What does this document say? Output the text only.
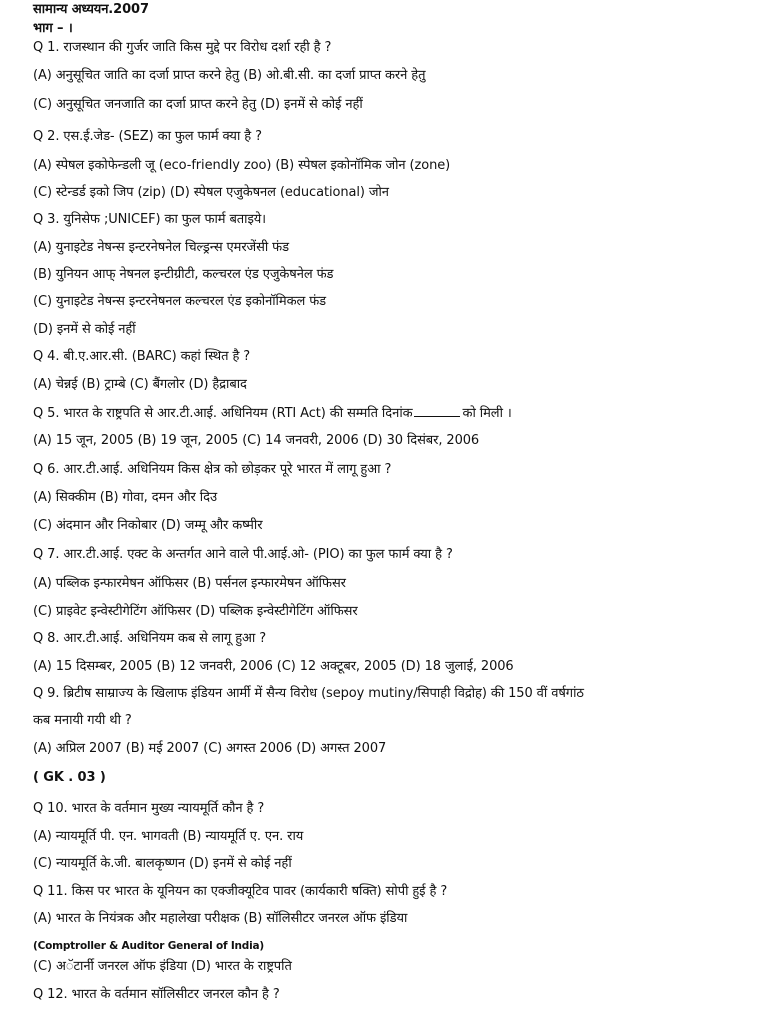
सामान्य अध्ययन.2007
भाग – ।
Q 1. राजस्थान की गुर्जर जाति किस मुद्दे पर विरोध दर्शा रही है ?
(A) अनुसूचित जाति का दर्जा प्राप्त करने हेतु (B) ओ.बी.सी. का दर्जा प्राप्त करने हेतु
(C) अनुसूचित जनजाति का दर्जा प्राप्त करने हेतु (D) इनमें से कोई नहीं
Q 2. एस.ई.जेड- (SEZ) का फुल फार्म क्या है ?
(A) स्पेषल इकोफेन्डली जू (eco-friendly zoo) (B) स्पेषल इकोनॉमिक जोन (zone)
(C) स्टेन्डर्ड इको जिप (zip) (D) स्पेषल एजुकेषनल (educational) जोन
Q 3. युनिसेफ ;UNICEF) का फुल फार्म बताइये।
(A) युनाइटेड नेषन्स इन्टरनेषनेल चिल्ड्रन्स एमरजेंसी फंड
(B) युनियन आफ् नेषनल इन्टीग्रीटी, कल्चरल एंड एजुकेषनेल फंड
(C) युनाइटेड नेषन्स इन्टरनेषनल कल्चरल एंड इकोनॉमिकल फंड
(D) इनमें से कोई नहीं
Q 4. बी.ए.आर.सी. (BARC) कहां स्थित है ?
(A) चेन्नई (B) ट्राम्बे (C) बैंगलोर (D) हैद्राबाद
Q 5. भारत के राष्ट्रपति से आर.टी.आई. अधिनियम (RTI Act) की सम्मति दिनांक	को मिली ।
(A) 15 जून, 2005 (B) 19 जून, 2005 (C) 14 जनवरी, 2006 (D) 30 दिसंबर, 2006
Q 6. आर.टी.आई. अधिनियम किस क्षेत्र को छोड़कर पूरे भारत में लागू हुआ ?
(A) सिक्कीम (B) गोवा, दमन और दिउ
(C) अंदमान और निकोबार (D) जम्मू और कष्मीर
Q 7. आर.टी.आई. एक्ट के अन्तर्गत आने वाले पी.आई.ओ- (PIO) का फुल फार्म क्या है ?
(A) पब्लिक इन्फारमेषन ऑफिसर (B) पर्सनल इन्फारमेषन ऑफिसर
(C) प्राइवेट इन्वेस्टीगेटिंग ऑफिसर (D) पब्लिक इन्वेस्टीगेटिंग ऑफिसर
Q 8. आर.टी.आई. अधिनियम कब से लागू हुआ ?
(A) 15 दिसम्बर, 2005 (B) 12 जनवरी, 2006 (C) 12 अक्टूबर, 2005 (D) 18 जुलाई, 2006
Q 9. ब्रिटीष साम्राज्य के खिलाफ इंडियन आर्मी में सैन्य विरोध (sepoy mutiny/सिपाही विद्रोह) की 150 वीं वर्षगांठ
कब मनायी गयी थी ?
(A) अप्रिल 2007 (B) मई 2007 (C) अगस्त 2006 (D) अगस्त 2007
( GK . 03 )
Q 10. भारत के वर्तमान मुख्य न्यायमूर्ति कौन है ?
(A) न्यायमूर्ति पी. एन. भागवती (B) न्यायमूर्ति ए. एन. राय
(C) न्यायमूर्ति के.जी. बालकृष्णन (D) इनमें से कोई नहीं
Q 11. किस पर भारत के यूनियन का एक्जीक्यूटिव पावर (कार्यकारी षक्ति) सोपी हुई है ?
(A) भारत के नियंत्रक और महालेखा परीक्षक (B) सॉलिसीटर जनरल ऑफ इंडिया
(Comptroller & Auditor General of India)
(C) अॅटार्नी जनरल ऑफ इंडिया (D) भारत के राष्ट्रपति
Q 12. भारत के वर्तमान सॉलिसीटर जनरल कौन है ?
